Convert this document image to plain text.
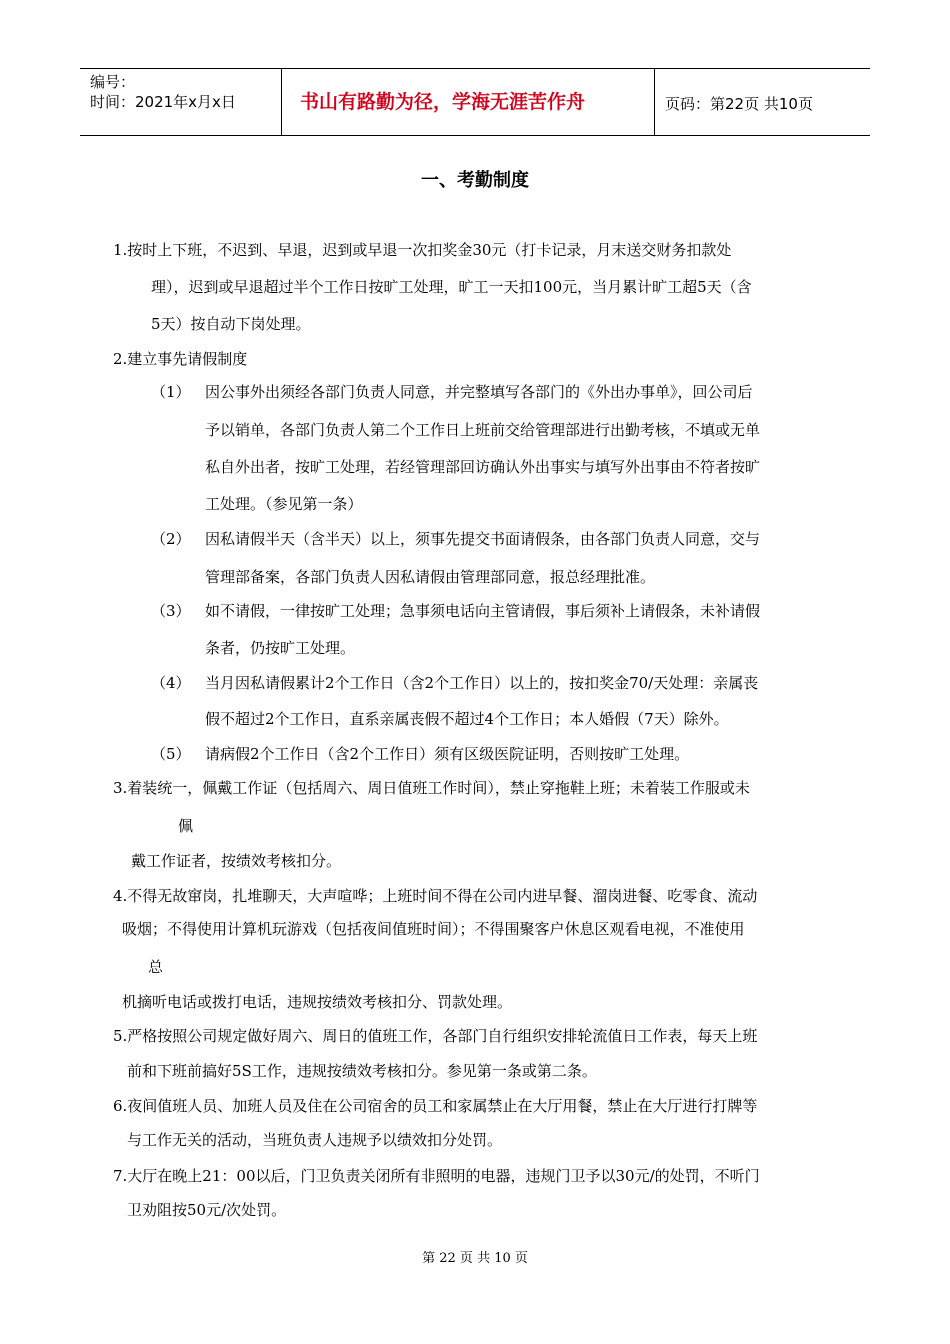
编号：
时间：2021年x月x日	书山有路勤为径，学海无涯苦作舟	页码：第22页 共10页
一、考勤制度
1.按时上下班，不迟到、早退，迟到或早退一次扣奖金30元（打卡记录，月末送交财务扣款处
理），迟到或早退超过半个工作日按旷工处理，旷工一天扣100元，当月累计旷工超5天（含
5天）按自动下岗处理。
2.建立事先请假制度
（1） 因公事外出须经各部门负责人同意，并完整填写各部门的《外出办事单》，回公司后
予以销单，各部门负责人第二个工作日上班前交给管理部进行出勤考核，不填或无单
私自外出者，按旷工处理，若经管理部回访确认外出事实与填写外出事由不符者按旷
工处理。（参见第一条）
（2） 因私请假半天（含半天）以上，须事先提交书面请假条，由各部门负责人同意，交与
管理部备案，各部门负责人因私请假由管理部同意，报总经理批准。
（3） 如不请假，一律按旷工处理；急事须电话向主管请假，事后须补上请假条，未补请假
条者，仍按旷工处理。
（4） 当月因私请假累计2个工作日（含2个工作日）以上的，按扣奖金70/天处理：亲属丧
假不超过2个工作日，直系亲属丧假不超过4个工作日；本人婚假（7天）除外。
（5） 请病假2个工作日（含2个工作日）须有区级医院证明，否则按旷工处理。
3.着装统一，佩戴工作证（包括周六、周日值班工作时间），禁止穿拖鞋上班；未着装工作服或未
佩
戴工作证者，按绩效考核扣分。
4.不得无故窜岗，扎堆聊天，大声喧哗；上班时间不得在公司内进早餐、溜岗进餐、吃零食、流动
吸烟；不得使用计算机玩游戏（包括夜间值班时间）；不得围聚客户休息区观看电视，不准使用
总
机摘听电话或拨打电话，违规按绩效考核扣分、罚款处理。
5.严格按照公司规定做好周六、周日的值班工作，各部门自行组织安排轮流值日工作表，每天上班
前和下班前搞好5S工作，违规按绩效考核扣分。参见第一条或第二条。
6.夜间值班人员、加班人员及住在公司宿舍的员工和家属禁止在大厅用餐，禁止在大厅进行打牌等
与工作无关的活动，当班负责人违规予以绩效扣分处罚。
7.大厅在晚上21：00以后，门卫负责关闭所有非照明的电器，违规门卫予以30元/的处罚，不听门
卫劝阻按50元/次处罚。
第 22 页 共 10 页
